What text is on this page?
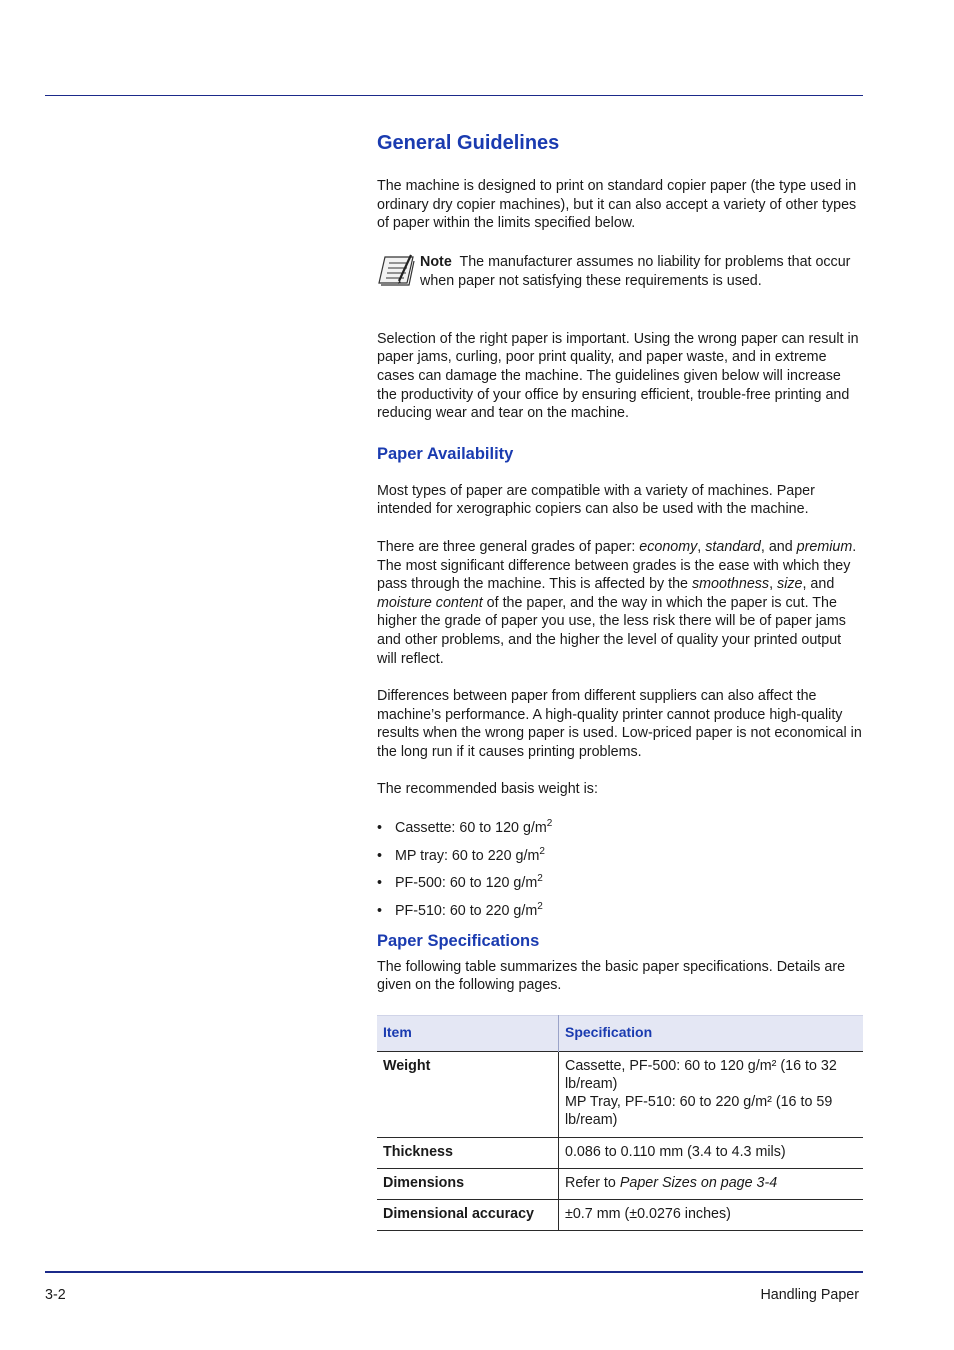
General Guidelines

The machine is designed to print on standard copier paper (the type used in ordinary dry copier machines), but it can also accept a variety of other types of paper within the limits specified below.

Note The manufacturer assumes no liability for problems that occur when paper not satisfying these requirements is used.

Selection of the right paper is important. Using the wrong paper can result in paper jams, curling, poor print quality, and paper waste, and in extreme cases can damage the machine. The guidelines given below will increase the productivity of your office by ensuring efficient, trouble-free printing and reducing wear and tear on the machine.

Paper Availability

Most types of paper are compatible with a variety of machines. Paper intended for xerographic copiers can also be used with the machine.

There are three general grades of paper: economy, standard, and premium. The most significant difference between grades is the ease with which they pass through the machine. This is affected by the smoothness, size, and moisture content of the paper, and the way in which the paper is cut. The higher the grade of paper you use, the less risk there will be of paper jams and other problems, and the higher the level of quality your printed output will reflect.

Differences between paper from different suppliers can also affect the machine’s performance. A high-quality printer cannot produce high-quality results when the wrong paper is used. Low-priced paper is not economical in the long run if it causes printing problems.

The recommended basis weight is:

• Cassette: 60 to 120 $g/m^2$
• MP tray: 60 to 220 $g/m^2$
• PF-500: 60 to 120 $g/m^2$
• PF-510: 60 to 220 $g/m^2$
Paper Specifications

The following table summarizes the basic paper specifications. Details are given on the following pages.

Item	Specification
Weight	Cassette, PF-500: 60 to 120 g/m² (16 to 32 lb/ream)
MP Tray, PF-510: 60 to 220 g/m² (16 to 59 lb/ream)

Thickness	0.086 to 0.110 mm (3.4 to 4.3 mils)
Dimensions	Refer to Paper Sizes on page 3-4
Dimensional accuracy	±0.7 mm (±0.0276 inches)
3-2	Handling Paper
